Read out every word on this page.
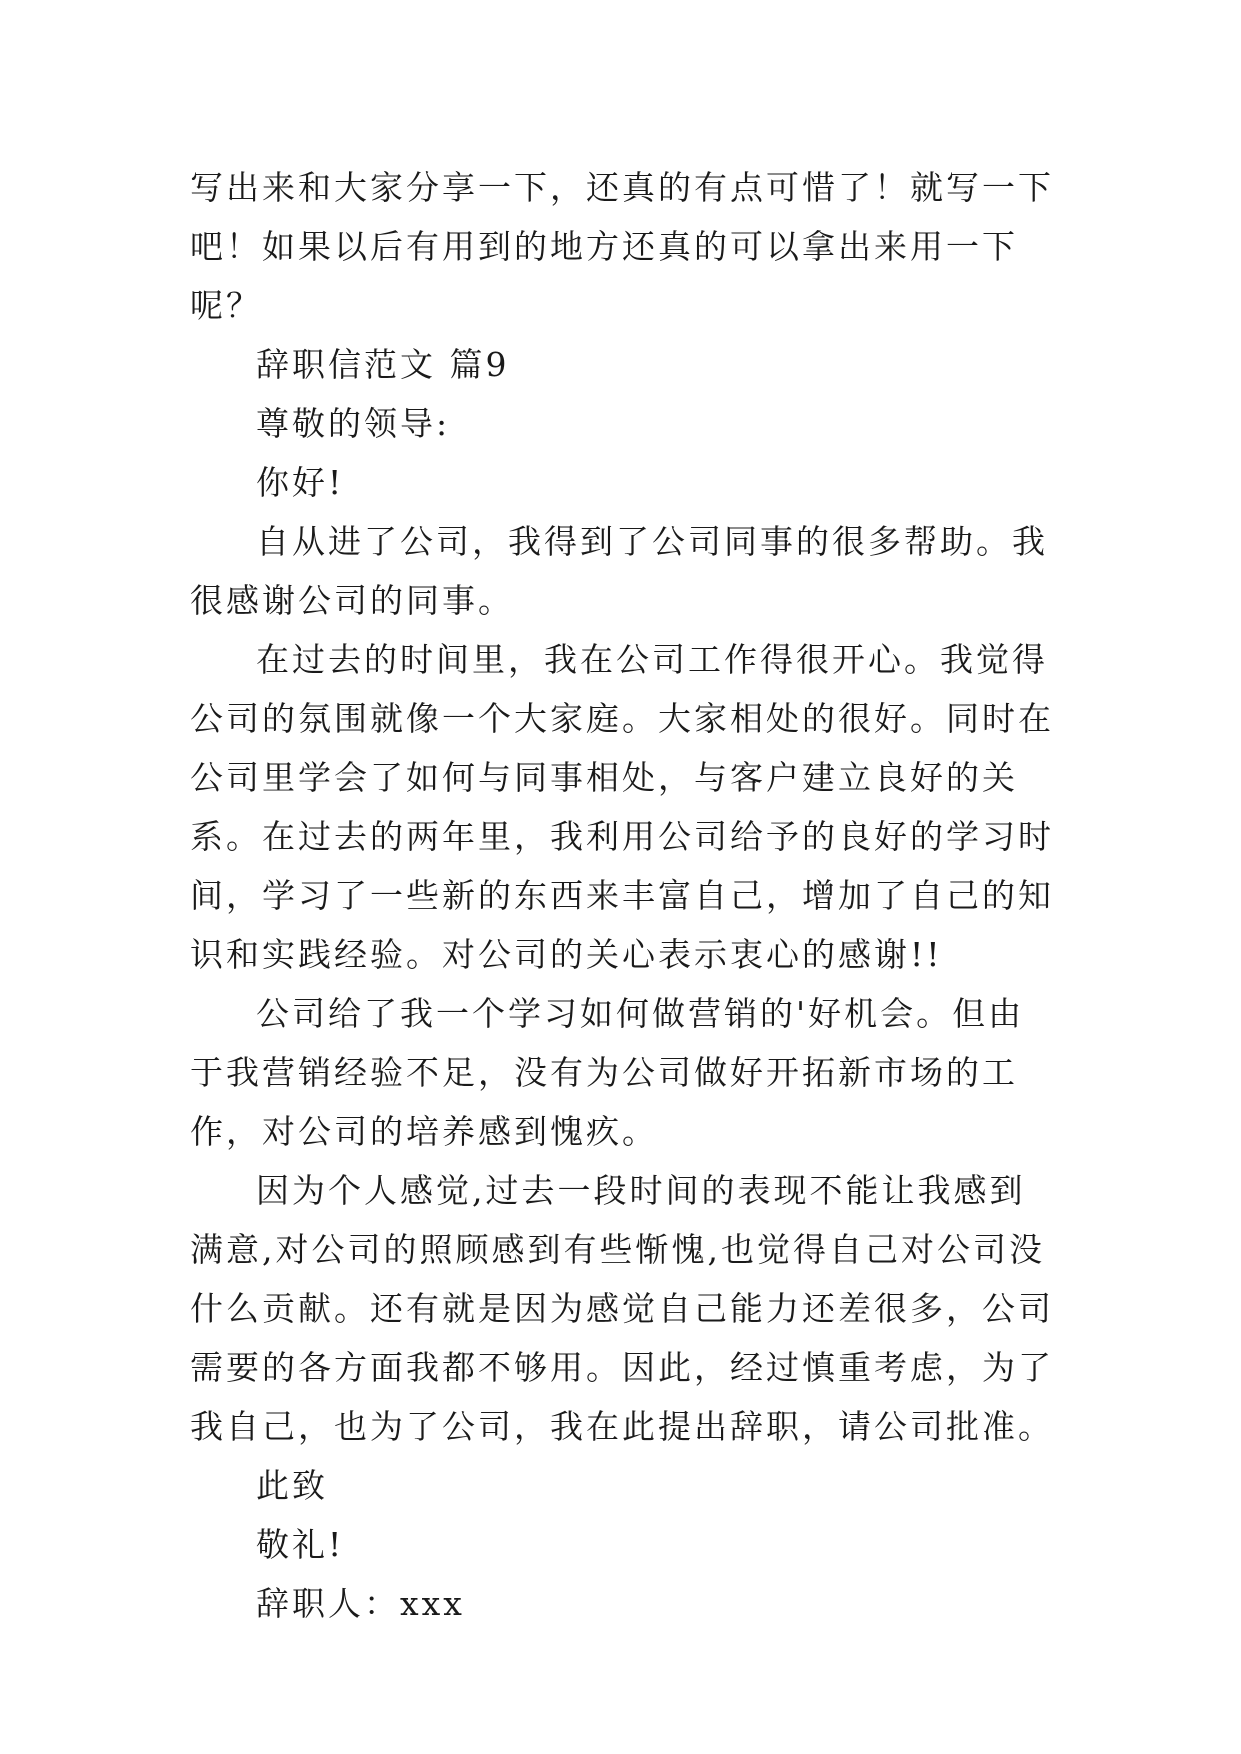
写出来和大家分享一下，还真的有点可惜了！就写一下吧！如果以后有用到的地方还真的可以拿出来用一下呢？

辞职信范文 篇9

尊敬的领导:

你好!

自从进了公司，我得到了公司同事的很多帮助。我很感谢公司的同事。

在过去的时间里，我在公司工作得很开心。我觉得公司的氛围就像一个大家庭。大家相处的很好。同时在公司里学会了如何与同事相处，与客户建立良好的关系。在过去的两年里，我利用公司给予的良好的学习时间，学习了一些新的东西来丰富自己，增加了自己的知识和实践经验。对公司的关心表示衷心的感谢!!

公司给了我一个学习如何做营销的'好机会。但由于我营销经验不足，没有为公司做好开拓新市场的工作，对公司的培养感到愧疚。

因为个人感觉,过去一段时间的表现不能让我感到满意,对公司的照顾感到有些惭愧,也觉得自己对公司没什么贡献。还有就是因为感觉自己能力还差很多，公司需要的各方面我都不够用。因此，经过慎重考虑，为了我自己，也为了公司，我在此提出辞职，请公司批准。

此致

敬礼!

辞职人：xxx
